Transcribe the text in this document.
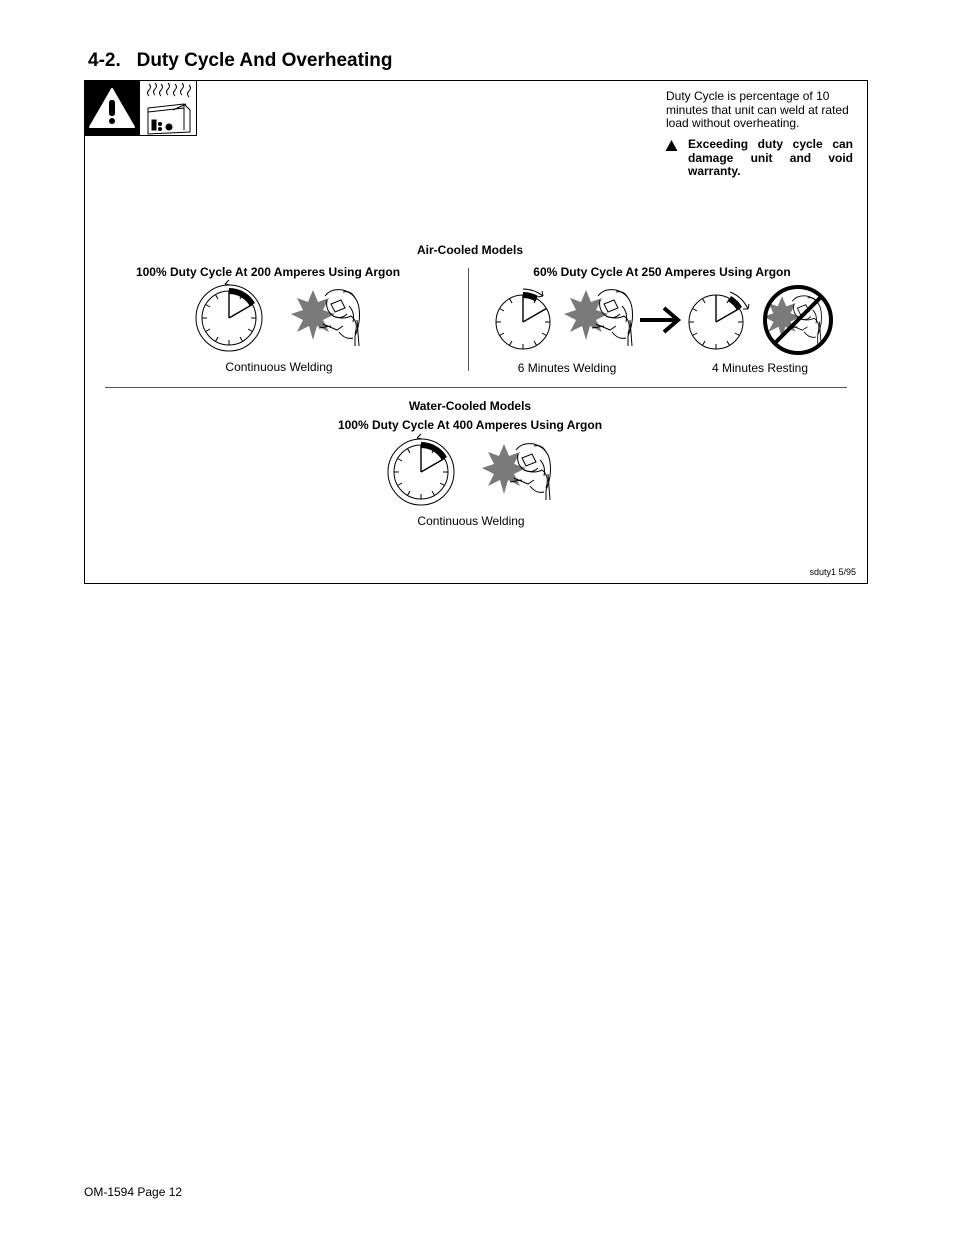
4-2. Duty Cycle And Overheating
Duty Cycle is percentage of 10 minutes that unit can weld at rated load without overheating.
Exceeding duty cycle can damage unit and void warranty.
Air-Cooled Models
100% Duty Cycle At 200 Amperes Using Argon	60% Duty Cycle At 250 Amperes Using Argon
Continuous Welding	6 Minutes Welding	4 Minutes Resting
Water-Cooled Models
100% Duty Cycle At 400 Amperes Using Argon
Continuous Welding
sduty1 5/95
OM-1594 Page 12
